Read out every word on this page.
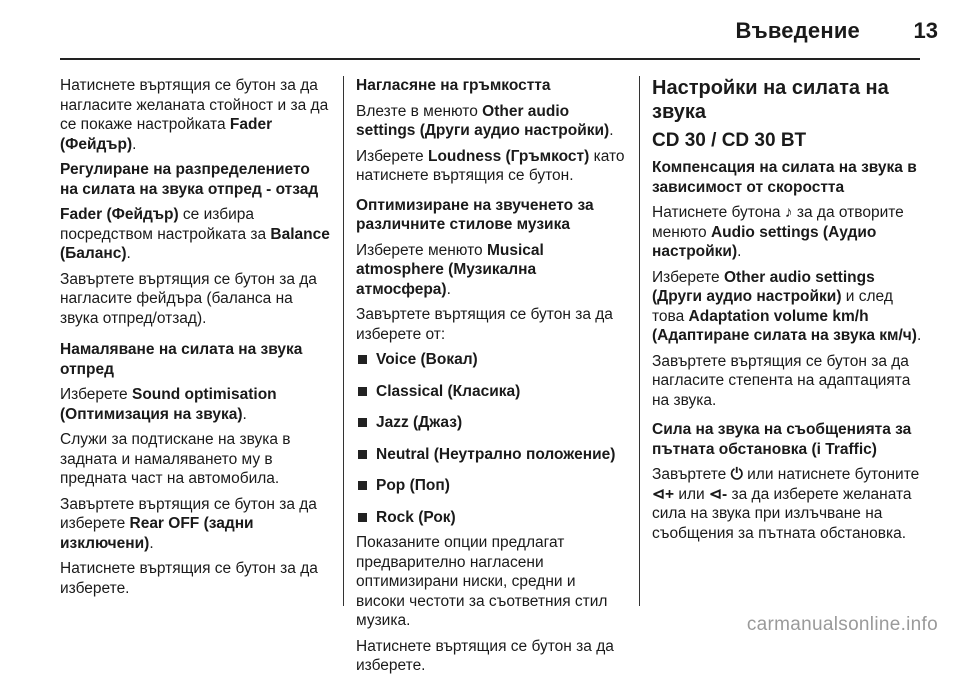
Въведение	13

Натиснете въртящия се бутон за да нагласите желаната стойност и за да се покаже настройката Fader (Фейдър).

Регулиране на разпределението на силата на звука отпред - отзад

Fader (Фейдър) се избира посредством настройката за Balance (Баланс).

Завъртете въртящия се бутон за да нагласите фейдъра (баланса на звука отпред/отзад).

Намаляване на силата на звука отпред

Изберете Sound optimisation (Оптимизация на звука).

Служи за подтискане на звука в задната и намаляването му в предната част на автомобила.

Завъртете въртящия се бутон за да изберете Rear OFF (задни изключени).

Натиснете въртящия се бутон за да изберете.

Нагласяне на гръмкостта

Влезте в менюто Other audio settings (Други аудио настройки).

Изберете Loudness (Гръмкост) като натиснете въртящия се бутон.

Оптимизиране на звученето за различните стилове музика

Изберете менюто Musical atmosphere (Музикална атмосфера).

Завъртете въртящия се бутон за да изберете от:

Voice (Вокал)
Classical (Класика)
Jazz (Джаз)
Neutral (Неутрално положение)
Pop (Поп)
Rock (Рок)

Показаните опции предлагат предварително нагласени оптимизирани ниски, средни и високи честоти за съответния стил музика.

Натиснете въртящия се бутон за да изберете.

Настройки на силата на звука

CD 30 / CD 30 BT

Компенсация на силата на звука в зависимост от скоростта

Натиснете бутона ♪ за да отворите менюто Audio settings (Аудио настройки).

Изберете Other audio settings (Други аудио настройки) и след това Adaptation volume km/h (Адаптиране силата на звука км/ч).

Завъртете въртящия се бутон за да нагласите степента на адаптацията на звука.

Сила на звука на съобщенията за пътната обстановка (i Traffic)

Завъртете ⏻ или натиснете бутоните ⊲+ или ⊲- за да изберете желаната сила на звука при излъчване на съобщения за пътната обстановка.

carmanualsonline.info
